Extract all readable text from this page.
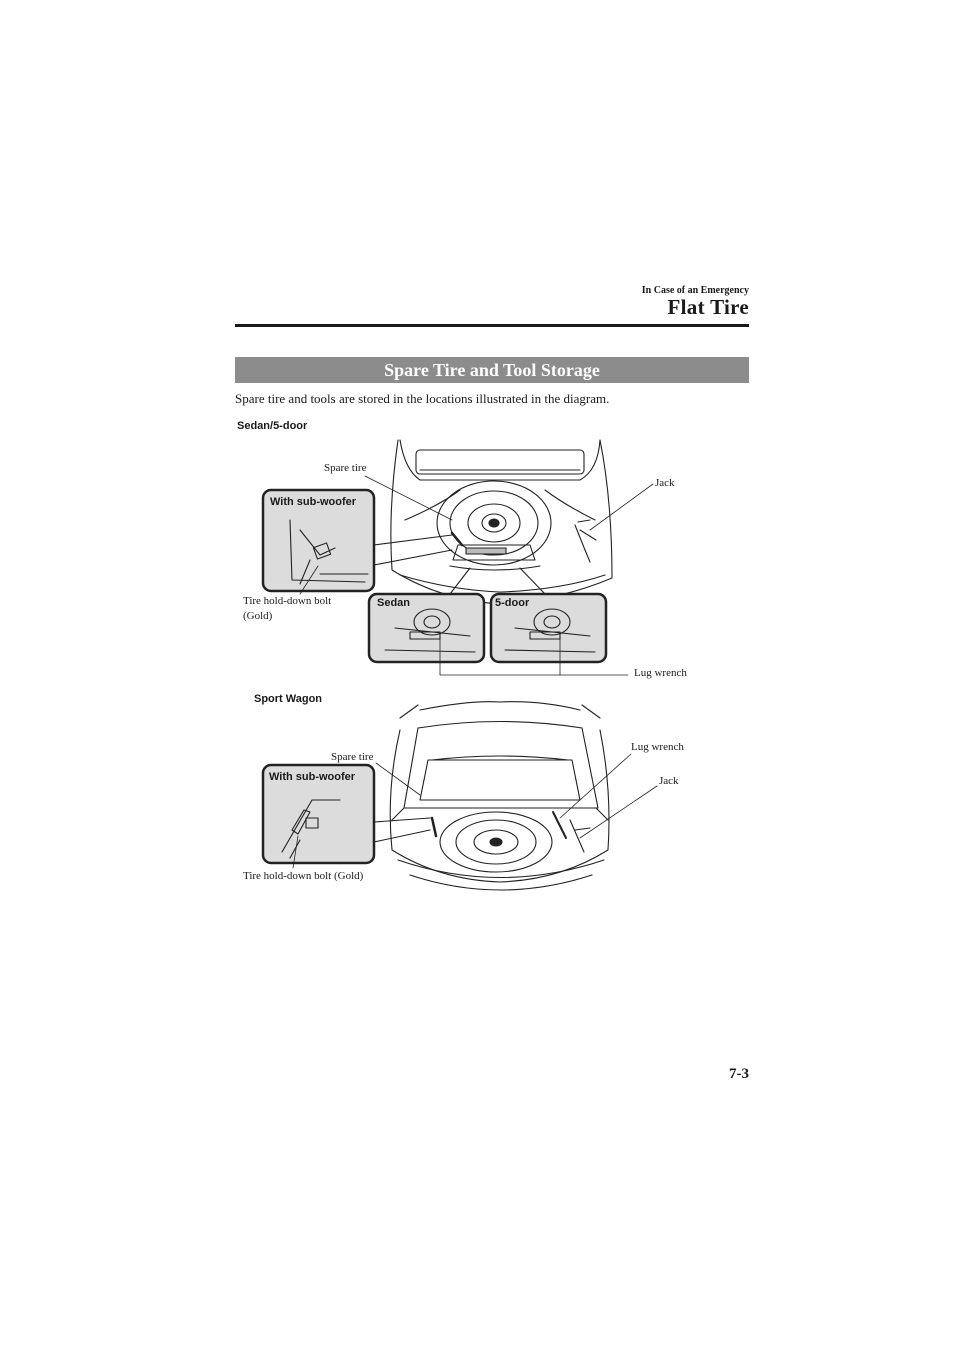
In Case of an Emergency
Flat Tire
Spare Tire and Tool Storage
Spare tire and tools are stored in the locations illustrated in the diagram.
Sedan/5-door
Spare tire
Jack
With sub-woofer
Tire hold-down bolt
(Gold)
Sedan	5-door
Lug wrench
Sport Wagon
Spare tire
Lug wrench
Jack
With sub-woofer
Tire hold-down bolt (Gold)
7-3
